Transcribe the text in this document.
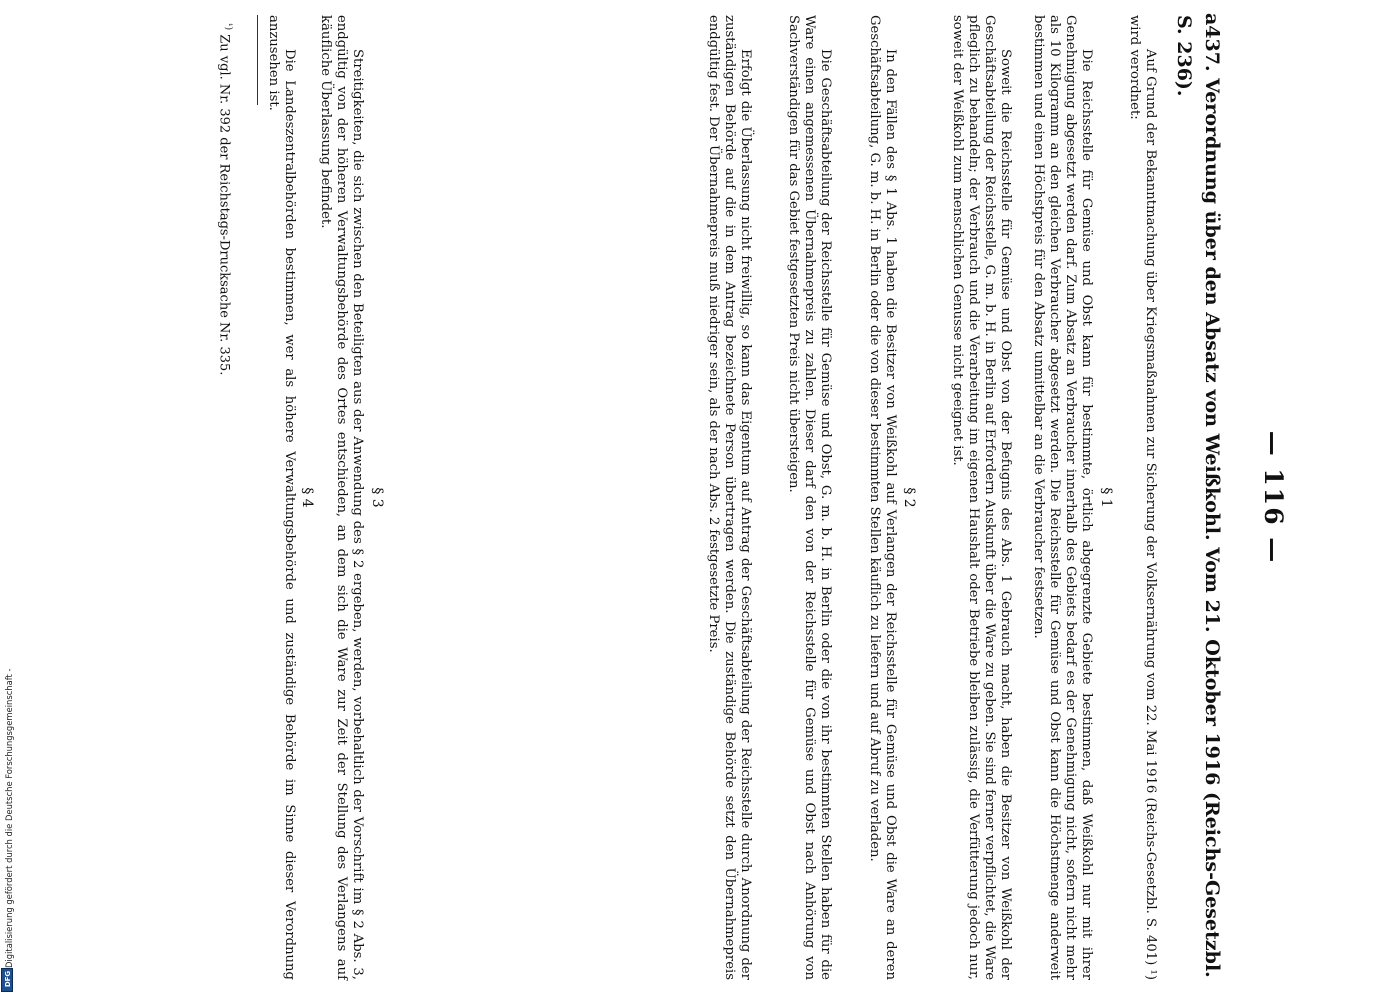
— 116 —
a437. Verordnung über den Absatz von Weißkohl. Vom 21. Oktober 1916 (Reichs-Gesetzbl. S. 236).

Auf Grund der Bekanntmachung über Kriegsmaßnahmen zur Sicherung der Volksernährung vom 22. Mai 1916 (Reichs-Gesetzbl. S. 401) ¹) wird verordnet:

§ 1

Die Reichsstelle für Gemüse und Obst kann für bestimmte, örtlich abgegrenzte Gebiete bestimmen, daß Weißkohl nur mit ihrer Genehmigung abgesetzt werden darf. Zum Absatz an Verbraucher innerhalb des Gebiets bedarf es der Genehmigung nicht, sofern nicht mehr als 10 Kilogramm an den gleichen Verbraucher abgesetzt werden. Die Reichsstelle für Gemüse und Obst kann die Höchstmenge anderweit bestimmen und einen Höchstpreis für den Absatz unmittelbar an die Verbraucher festsetzen.

Soweit die Reichsstelle für Gemüse und Obst von der Befugnis des Abs. 1 Gebrauch macht, haben die Besitzer von Weißkohl der Geschäftsabteilung der Reichsstelle, G. m. b. H. in Berlin auf Erfordern Auskunft über die Ware zu geben. Sie sind ferner verpflichtet, die Ware pfleglich zu behandeln; der Verbrauch und die Verarbeitung im eigenen Haushalt oder Betriebe bleiben zulässig, die Verfütterung jedoch nur, soweit der Weißkohl zum menschlichen Genusse nicht geeignet ist.

§ 2

In den Fällen des § 1 Abs. 1 haben die Besitzer von Weißkohl auf Verlangen der Reichsstelle für Gemüse und Obst die Ware an deren Geschäftsabteilung, G. m. b. H. in Berlin oder die von dieser bestimmten Stellen käuflich zu liefern und auf Abruf zu verladen.

Die Geschäftsabteilung der Reichsstelle für Gemüse und Obst, G. m. b. H. in Berlin oder die von ihr bestimmten Stellen haben für die Ware einen angemessenen Übernahmepreis zu zahlen. Dieser darf den von der Reichsstelle für Gemüse und Obst nach Anhörung von Sachverständigen für das Gebiet festgesetzten Preis nicht übersteigen.

Erfolgt die Überlassung nicht freiwillig, so kann das Eigentum auf Antrag der Geschäftsabteilung der Reichsstelle durch Anordnung der zuständigen Behörde auf die in dem Antrag bezeichnete Person übertragen werden. Die zuständige Behörde setzt den Übernahmepreis endgültig fest. Der Übernahmepreis muß niedriger sein, als der nach Abs. 2 festgesetzte Preis.

§ 3

Streitigkeiten, die sich zwischen den Beteiligten aus der Anwendung des § 2 ergeben, werden, vorbehaltlich der Vorschrift im § 2 Abs. 3, endgültig von der höheren Verwaltungsbehörde des Ortes entschieden, an dem sich die Ware zur Zeit der Stellung des Verlangens auf käufliche Überlassung befindet.

§ 4

Die Landeszentralbehörden bestimmen, wer als höhere Verwaltungsbehörde und zuständige Behörde im Sinne dieser Verordnung anzusehen ist.

$^{^1)}$ Zu vgl. Nr. 392 der Reichstags-Drucksache Nr. 335.
Digitalisierung gefördert durch die Deutsche Forschungsgemeinschaft -
DFG
